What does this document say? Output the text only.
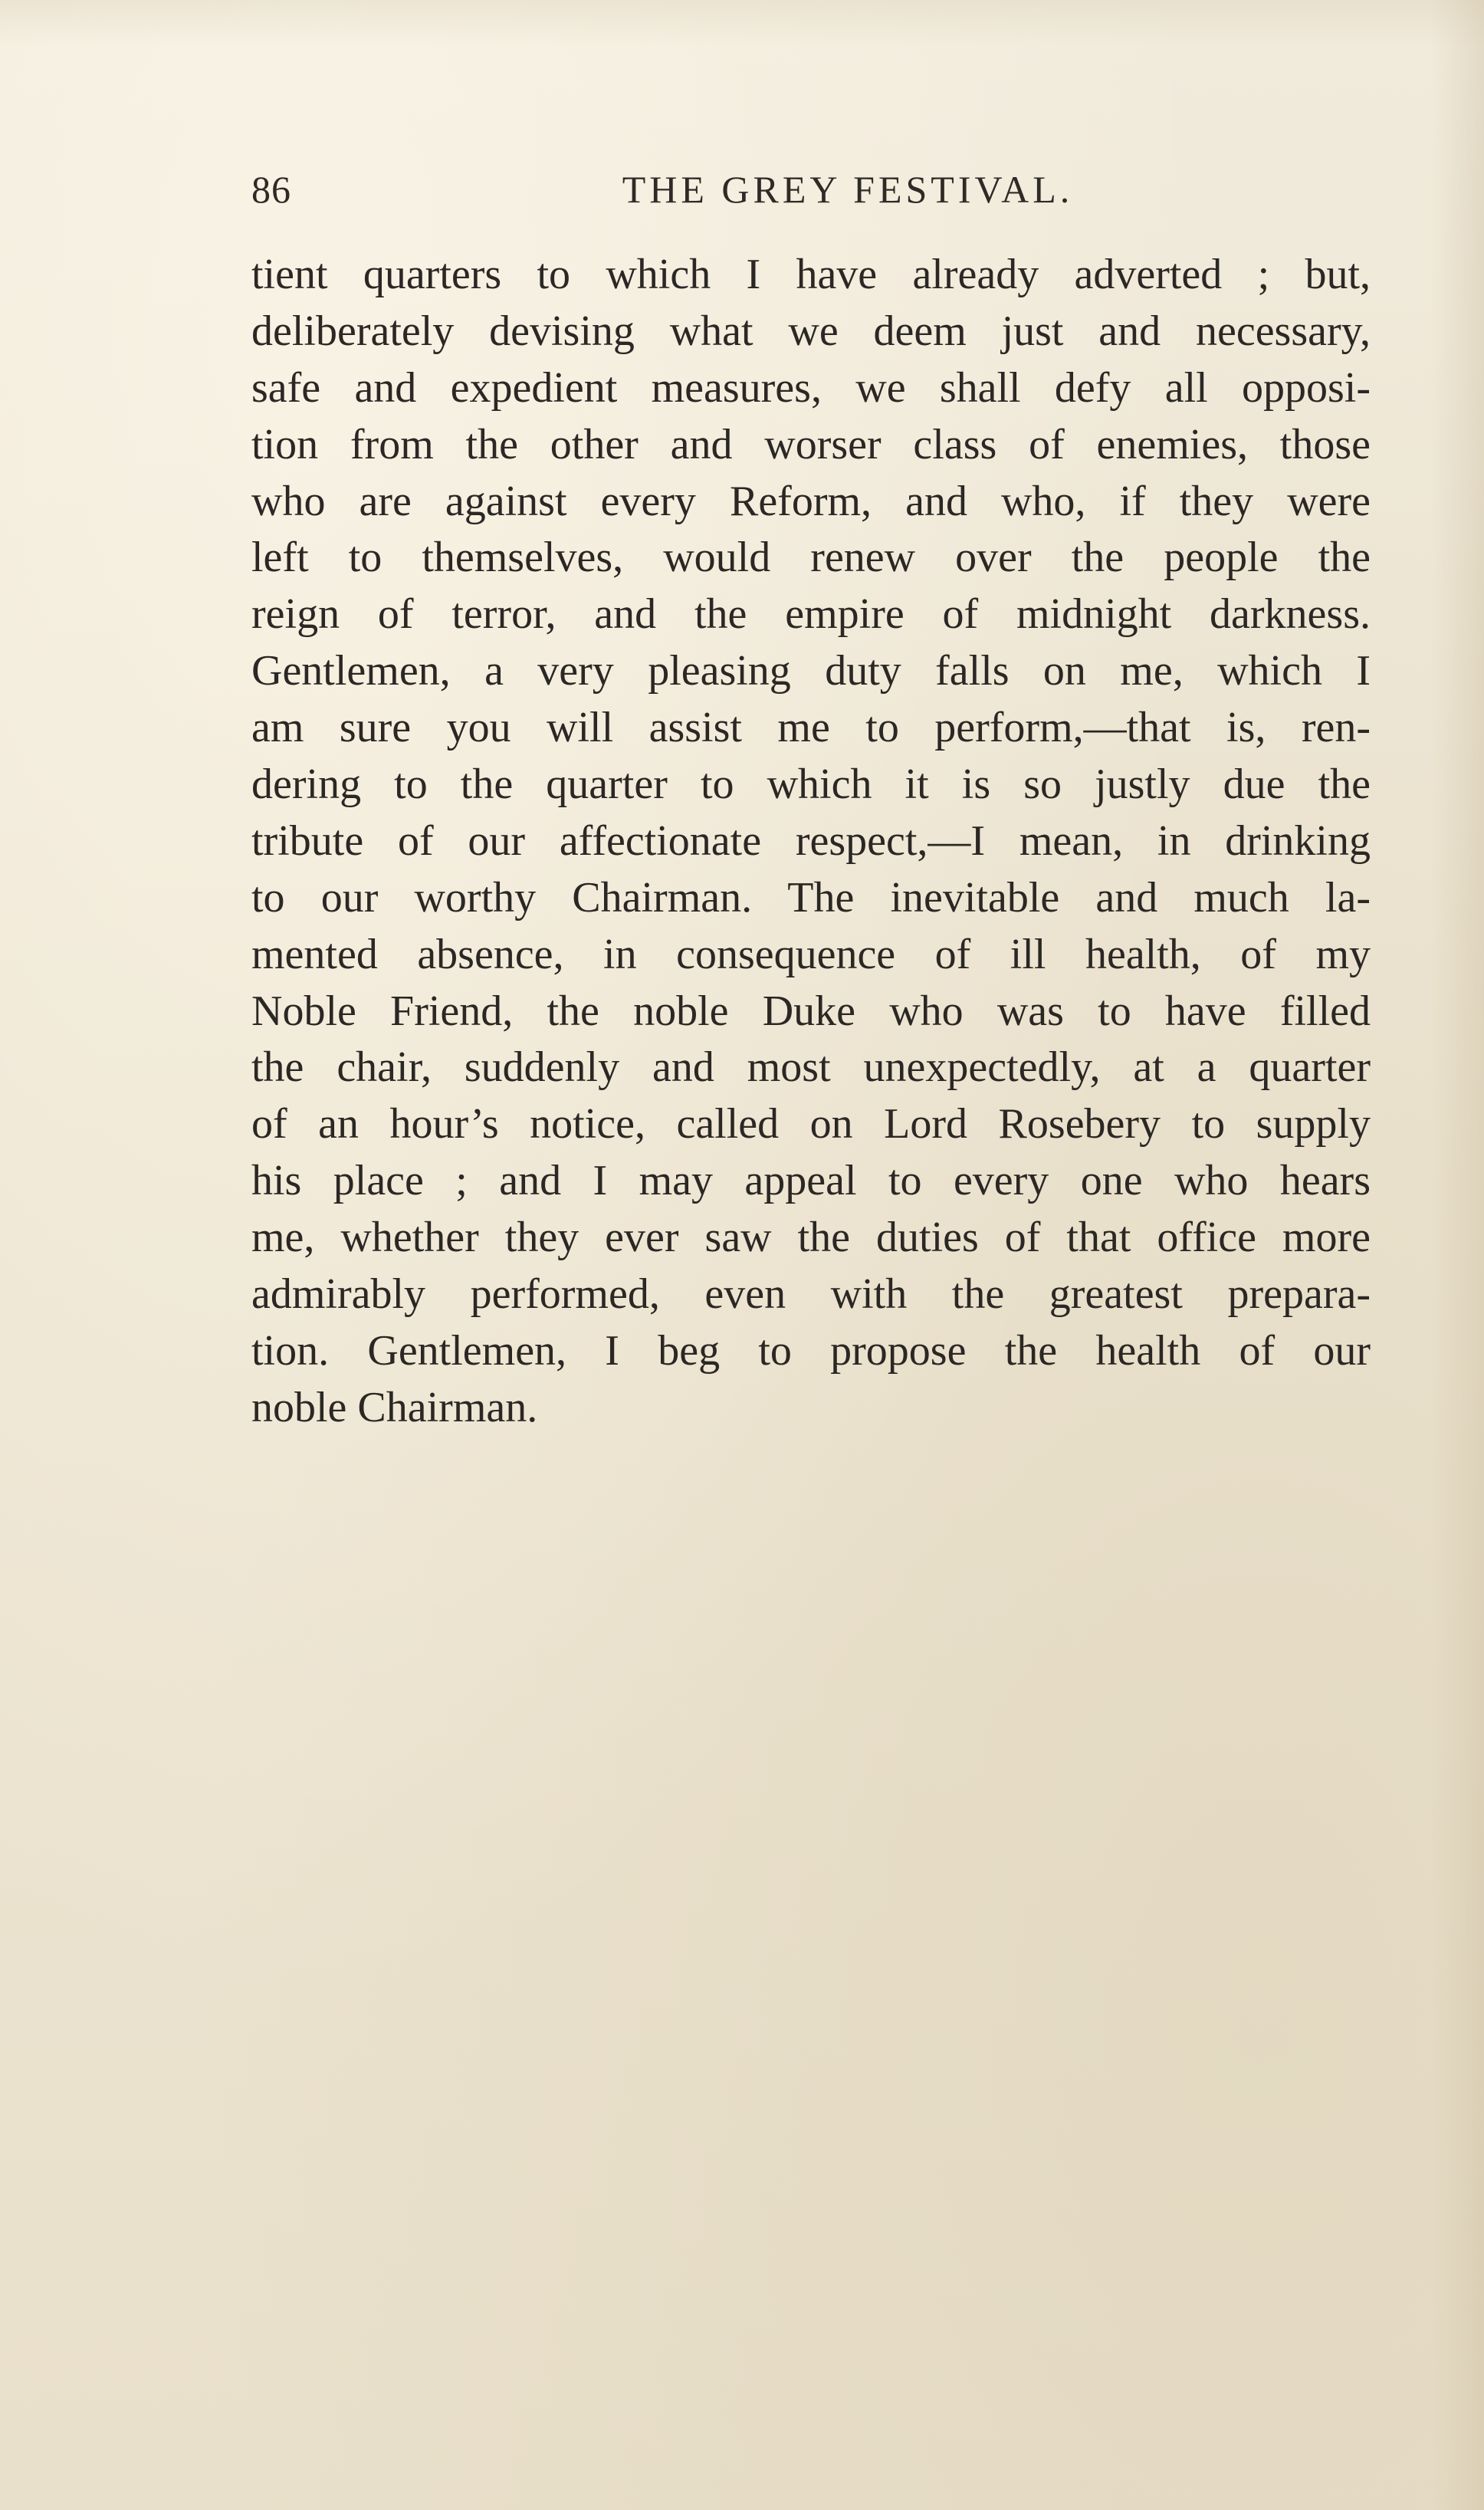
86	THE GREY FESTIVAL.
tient quarters to which I have already adverted ; but,
deliberately devising what we deem just and necessary,
safe and expedient measures, we shall defy all opposi-
tion from the other and worser class of enemies, those
who are against every Reform, and who, if they were
left to themselves, would renew over the people the
reign of terror, and the empire of midnight darkness.
Gentlemen, a very pleasing duty falls on me, which I
am sure you will assist me to perform,—that is, ren-
dering to the quarter to which it is so justly due the
tribute of our affectionate respect,—I mean, in drinking
to our worthy Chairman. The inevitable and much la-
mented absence, in consequence of ill health, of my
Noble Friend, the noble Duke who was to have filled
the chair, suddenly and most unexpectedly, at a quarter
of an hour’s notice, called on Lord Rosebery to supply
his place ; and I may appeal to every one who hears
me, whether they ever saw the duties of that office more
admirably performed, even with the greatest prepara-
tion. Gentlemen, I beg to propose the health of our
noble Chairman.
